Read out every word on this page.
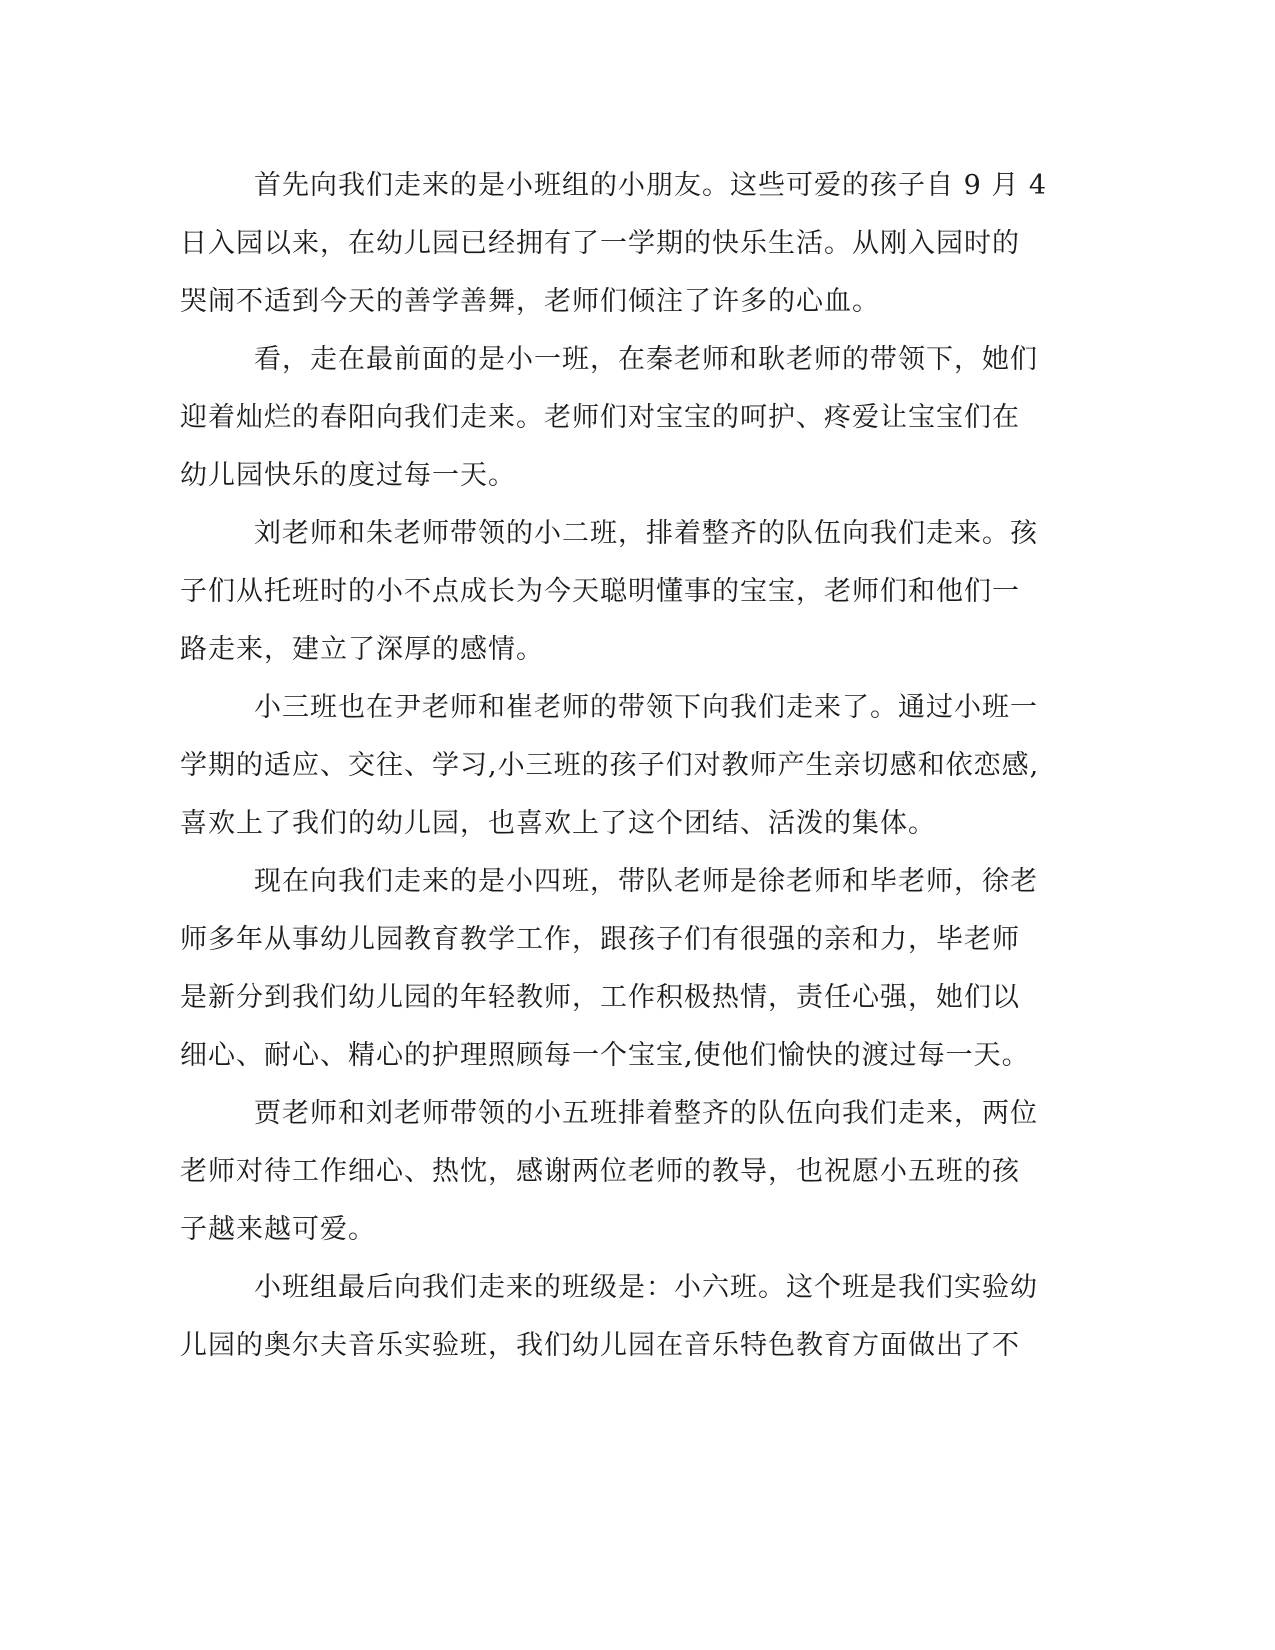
首先向我们走来的是小班组的小朋友。这些可爱的孩子自 9 月 4
日入园以来，在幼儿园已经拥有了一学期的快乐生活。从刚入园时的
哭闹不适到今天的善学善舞，老师们倾注了许多的心血。
看，走在最前面的是小一班，在秦老师和耿老师的带领下，她们
迎着灿烂的春阳向我们走来。老师们对宝宝的呵护、疼爱让宝宝们在
幼儿园快乐的度过每一天。
刘老师和朱老师带领的小二班，排着整齐的队伍向我们走来。孩
子们从托班时的小不点成长为今天聪明懂事的宝宝，老师们和他们一
路走来，建立了深厚的感情。
小三班也在尹老师和崔老师的带领下向我们走来了。通过小班一
学期的适应、交往、学习,小三班的孩子们对教师产生亲切感和依恋感,
喜欢上了我们的幼儿园，也喜欢上了这个团结、活泼的集体。
现在向我们走来的是小四班，带队老师是徐老师和毕老师，徐老
师多年从事幼儿园教育教学工作，跟孩子们有很强的亲和力，毕老师
是新分到我们幼儿园的年轻教师，工作积极热情，责任心强，她们以
细心、耐心、精心的护理照顾每一个宝宝,使他们愉快的渡过每一天。
贾老师和刘老师带领的小五班排着整齐的队伍向我们走来，两位
老师对待工作细心、热忱，感谢两位老师的教导，也祝愿小五班的孩
子越来越可爱。
小班组最后向我们走来的班级是：小六班。这个班是我们实验幼
儿园的奥尔夫音乐实验班，我们幼儿园在音乐特色教育方面做出了不
